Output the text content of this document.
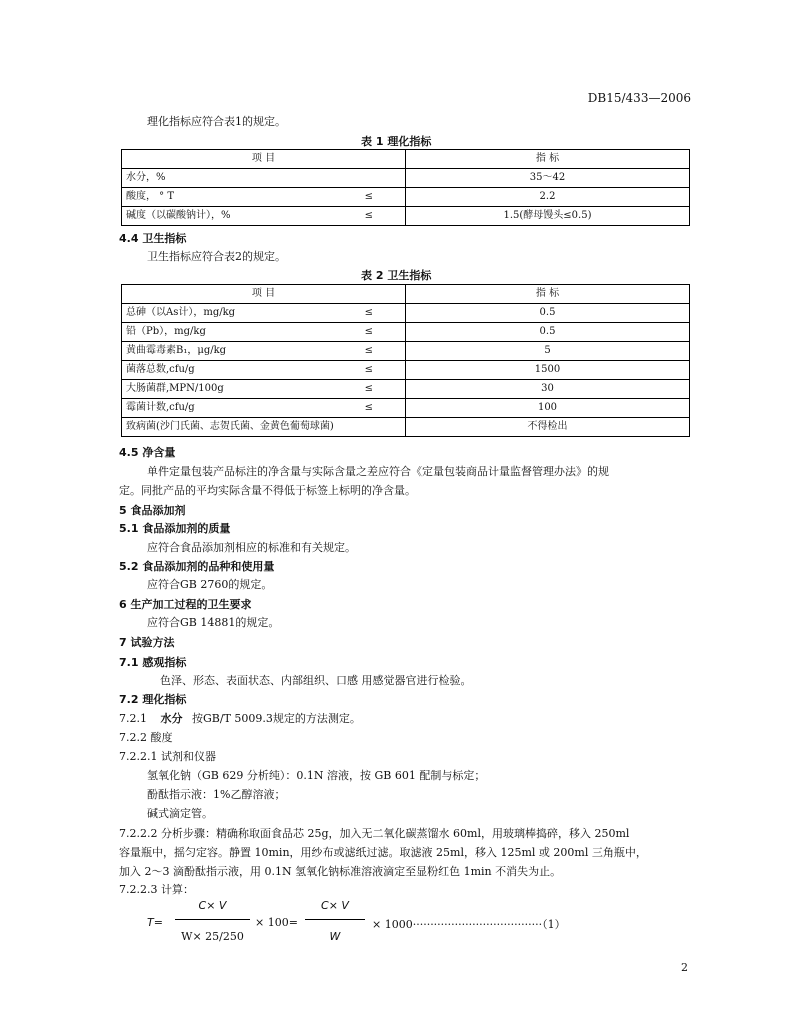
DB15/433—2006
理化指标应符合表1的规定。
表 1 理化指标
项 目	指 标
水分，%	35～42
酸度， ° T ≤	2.2
碱度（以碳酸钠计），% ≤	1.5(酵母馒头≤0.5)
4.4 卫生指标
卫生指标应符合表2的规定。
表 2 卫生指标
项 目	指 标
总砷（以As计），mg/kg ≤	0.5
铅（Pb），mg/kg ≤	0.5
黄曲霉毒素B₁，μg/kg ≤	5
菌落总数,cfu/g ≤	1500
大肠菌群,MPN/100g ≤	30
霉菌计数,cfu/g ≤	100
致病菌(沙门氏菌、志贺氏菌、金黄色葡萄球菌)	不得检出
4.5 净含量
单件定量包装产品标注的净含量与实际含量之差应符合《定量包装商品计量监督管理办法》的规
定。同批产品的平均实际含量不得低于标签上标明的净含量。
5 食品添加剂
5.1 食品添加剂的质量
应符合食品添加剂相应的标准和有关规定。
5.2 食品添加剂的品种和使用量
应符合GB 2760的规定。
6 生产加工过程的卫生要求
应符合GB 14881的规定。
7 试验方法
7.1 感观指标
色泽、形态、表面状态、内部组织、口感 用感觉器官进行检验。
7.2 理化指标
7.2.1 水分 按GB/T 5009.3规定的方法测定。
7.2.2 酸度
7.2.2.1 试剂和仪器
氢氧化钠（GB 629 分析纯）：0.1N 溶液，按 GB 601 配制与标定；
酚酞指示液：1%乙醇溶液；
碱式滴定管。
7.2.2.2 分析步骤：精确称取面食品芯 25g，加入无二氧化碳蒸馏水 60ml，用玻璃棒捣碎，移入 250ml
容量瓶中，摇匀定容。静置 10min，用纱布或滤纸过滤。取滤液 25ml，移入 125ml 或 200ml 三角瓶中，
加入 2～3 滴酚酞指示液，用 0.1N 氢氧化钠标准溶液滴定至显粉红色 1min 不消失为止。
7.2.2.3 计算：
T=
C× V
W× 25/250
× 100=
C× V
W
× 1000·····································（1）
2
